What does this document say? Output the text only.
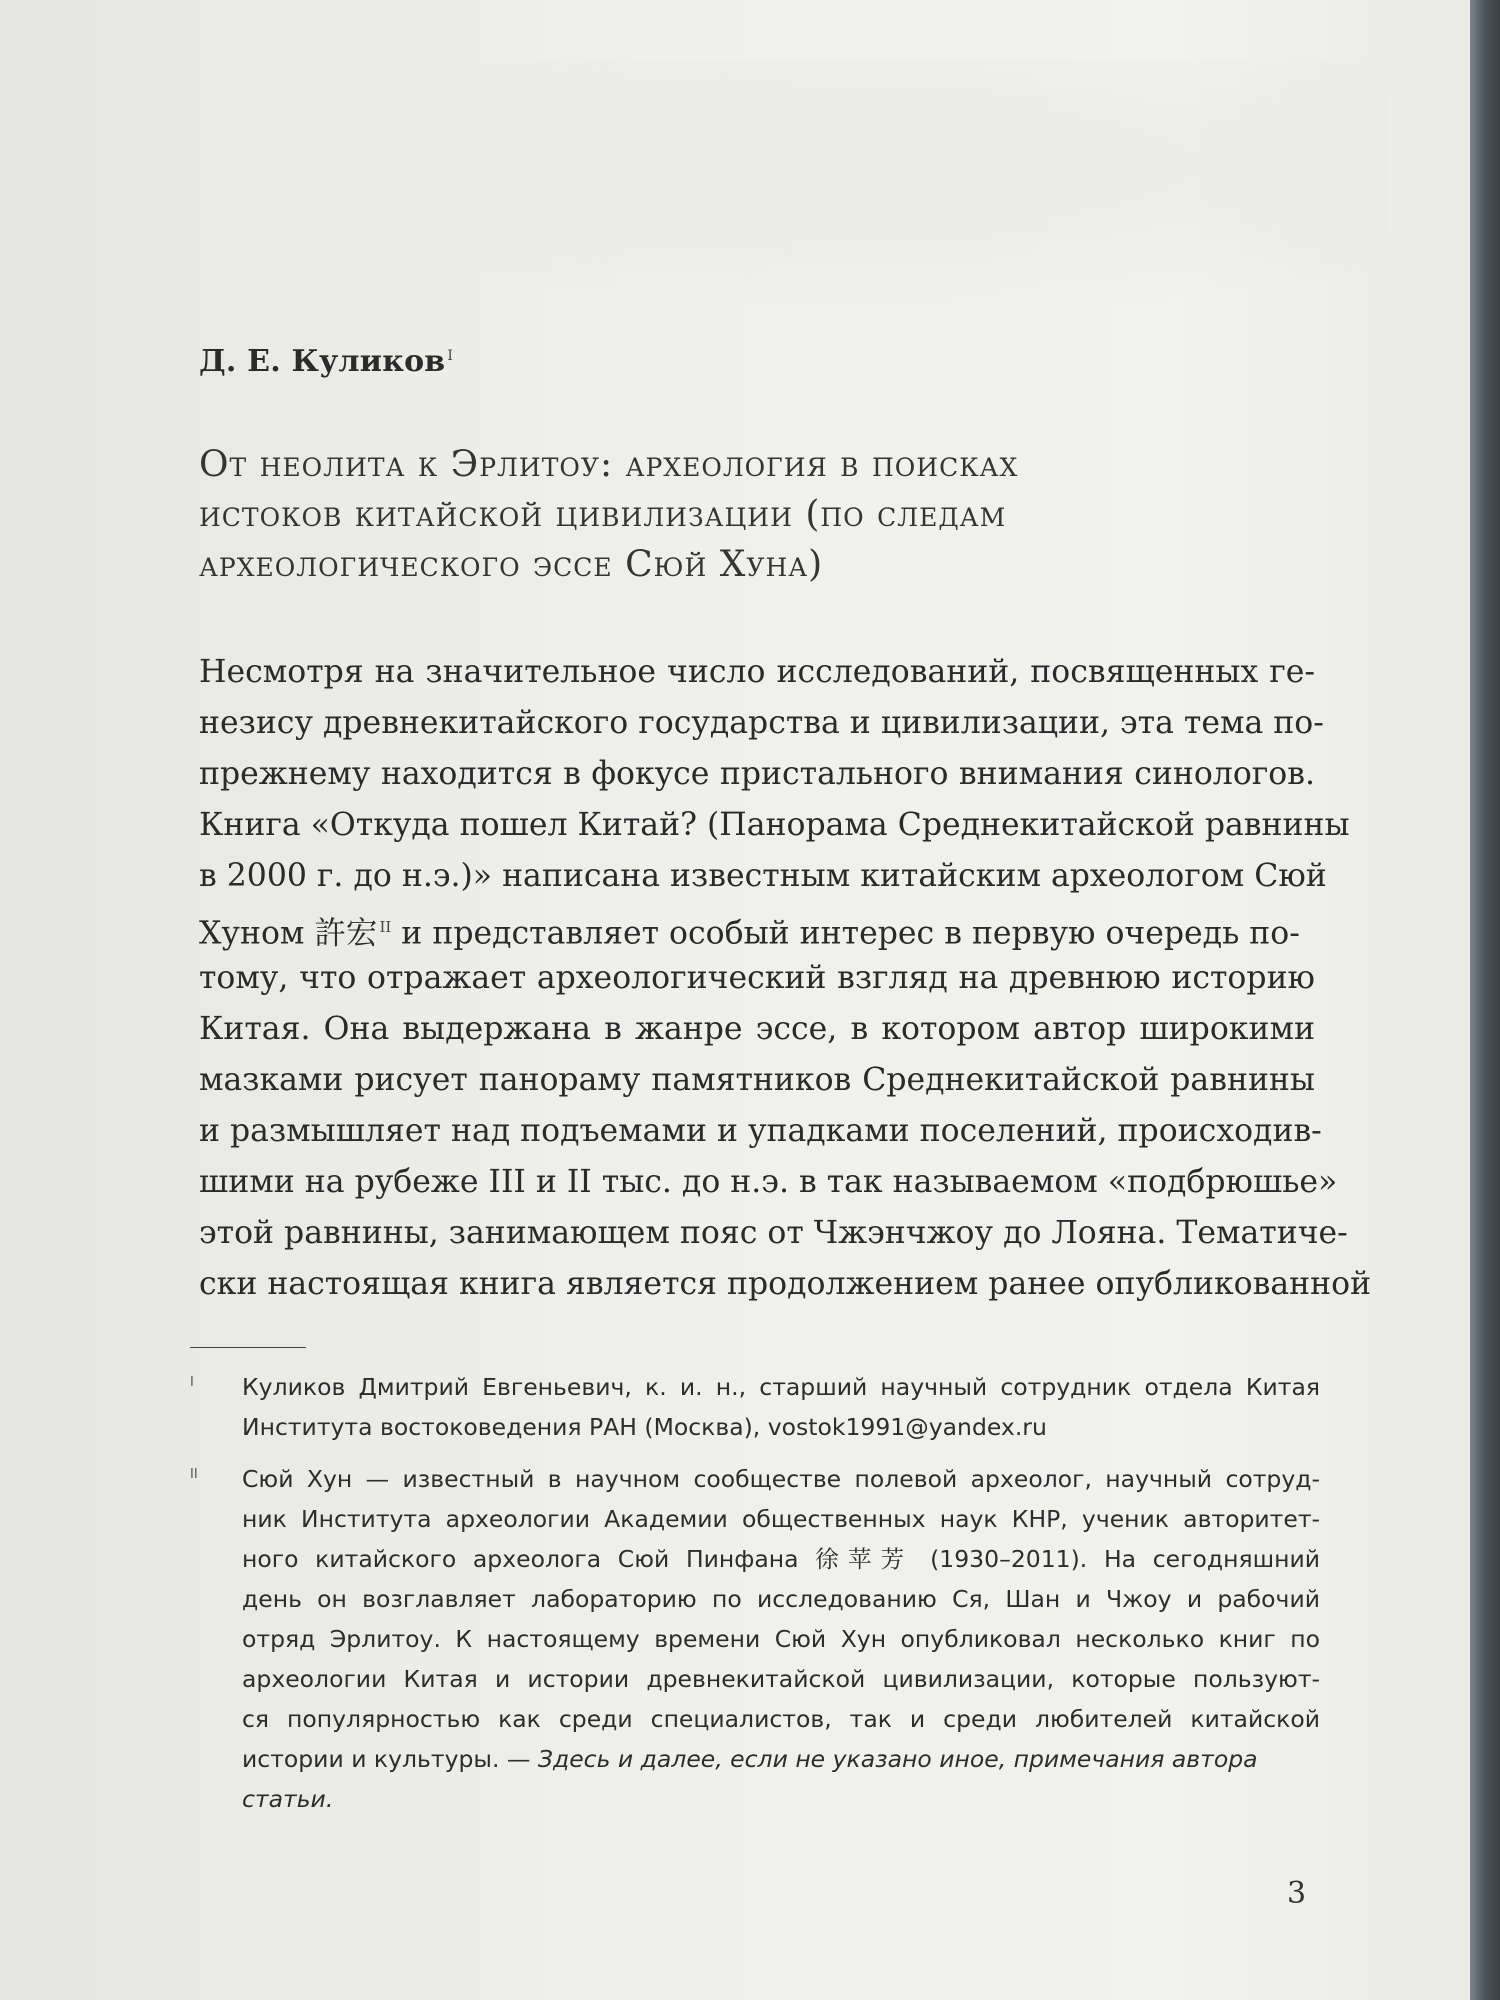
Д. Е. Куликов $^I$
От неолита к Эрлитоу: археология в поисках
истоков китайской цивилизации (по следам
археологического эссе Сюй Хуна)
Несмотря на значительное число исследований, посвященных ге-
незису древнекитайского государства и цивилизации, эта тема по-
прежнему находится в фокусе пристального внимания синологов.
Книга «Откуда пошел Китай? (Панорама Среднекитайской равнины
в 2000 г. до н.э.)» написана известным китайским археологом Сюй
Хуном 許宏 $^{II}$ и представляет особый интерес в первую очередь по-
тому, что отражает археологический взгляд на древнюю историю
Китая. Она выдержана в жанре эссе, в котором автор широкими
мазками рисует панораму памятников Среднекитайской равнины
и размышляет над подъемами и упадками поселений, происходив-
шими на рубеже III и II тыс. до н.э. в так называемом «подбрюшье»
этой равнины, занимающем пояс от Чжэнчжоу до Лояна. Тематиче-
ски настоящая книга является продолжением ранее опубликованной
I Куликов Дмитрий Евгеньевич, к. и. н., старший научный сотрудник отдела Китая
Института востоковедения РАН (Москва), vostok1991@yandex.ru
II Сюй Хун — известный в научном сообществе полевой археолог, научный сотруд-
ник Института археологии Академии общественных наук КНР, ученик авторитет-
ного китайского археолога Сюй Пинфана 徐苹芳 (1930–2011). На сегодняшний
день он возглавляет лабораторию по исследованию Ся, Шан и Чжоу и рабочий
отряд Эрлитоу. К настоящему времени Сюй Хун опубликовал несколько книг по
археологии Китая и истории древнекитайской цивилизации, которые пользуют-
ся популярностью как среди специалистов, так и среди любителей китайской
истории и культуры. — Здесь и далее, если не указано иное, примечания автора
статьи.
3
